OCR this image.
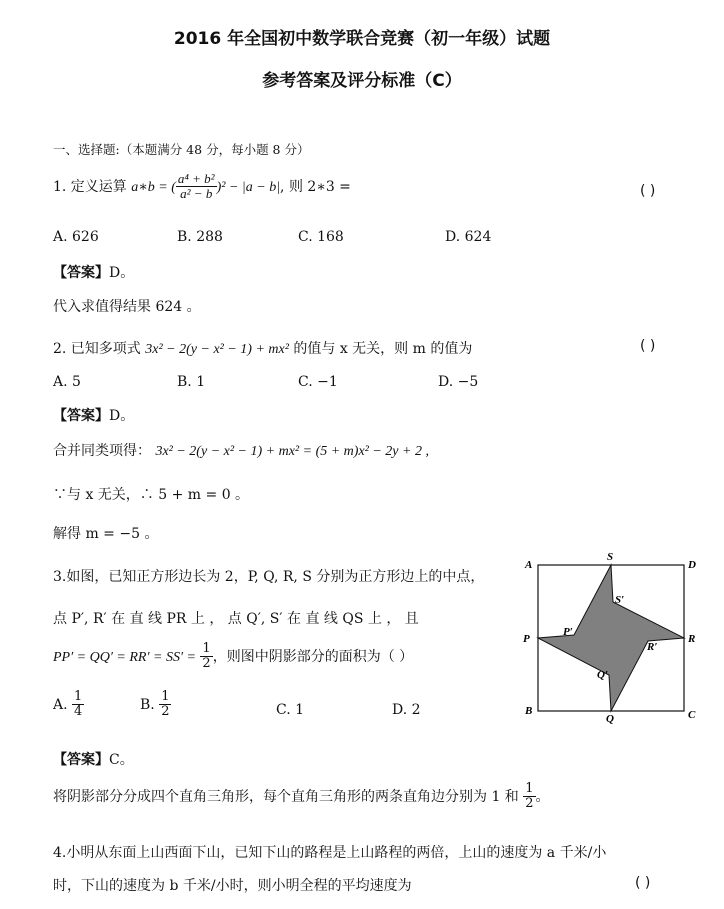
2016 年全国初中数学联合竞赛（初一年级）试题
参考答案及评分标准（C）
一、选择题:（本题满分 48 分，每小题 8 分）
1. 定义运算 a∗b = ( $\frac{\text{a⁴ + b²}}{\text{a² − b}} )^2 - |a - b|$, 则 2∗3 =	( )
A. 626	B. 288	C. 168	D. 624
【答案】D。
代入求值得结果 624 。
2. 已知多项式 3x² − 2(y − x² − 1) + mx² 的值与 x 无关，则 m 的值为	( )
A. 5	B. 1	C. −1	D. −5
【答案】D。
合并同类项得： 3x² − 2(y − x² − 1) + mx² = (5 + m)x² − 2y + 2 ,
∵与 x 无关，∴ 5 + m = 0 。
解得 m = −5 。
3.如图，已知正方形边长为 2，P, Q, R, S 分别为正方形边上的中点，
点 P′, R′ 在 直 线 PR 上 ， 点 Q′, S′ 在 直 线 QS 上 ， 且
$PP' = QQ' = RR' = SS' = \frac{1}{2}$ ，则图中阴影部分的面积为（ ）
A. $\frac{1}{4}$	B. $\frac{1}{2}$	C. 1	D. 2
【答案】C。
将阴影部分分成四个直角三角形，每个直角三角形的两条直角边分别为 1 和 $\frac{1}{2}$ 。
A	D
B	C
S
P	R
Q
S′
P′
R′
Q′
4.小明从东面上山西面下山，已知下山的路程是上山路程的两倍，上山的速度为 a 千米/小
时，下山的速度为 b 千米/小时，则小明全程的平均速度为	( )
